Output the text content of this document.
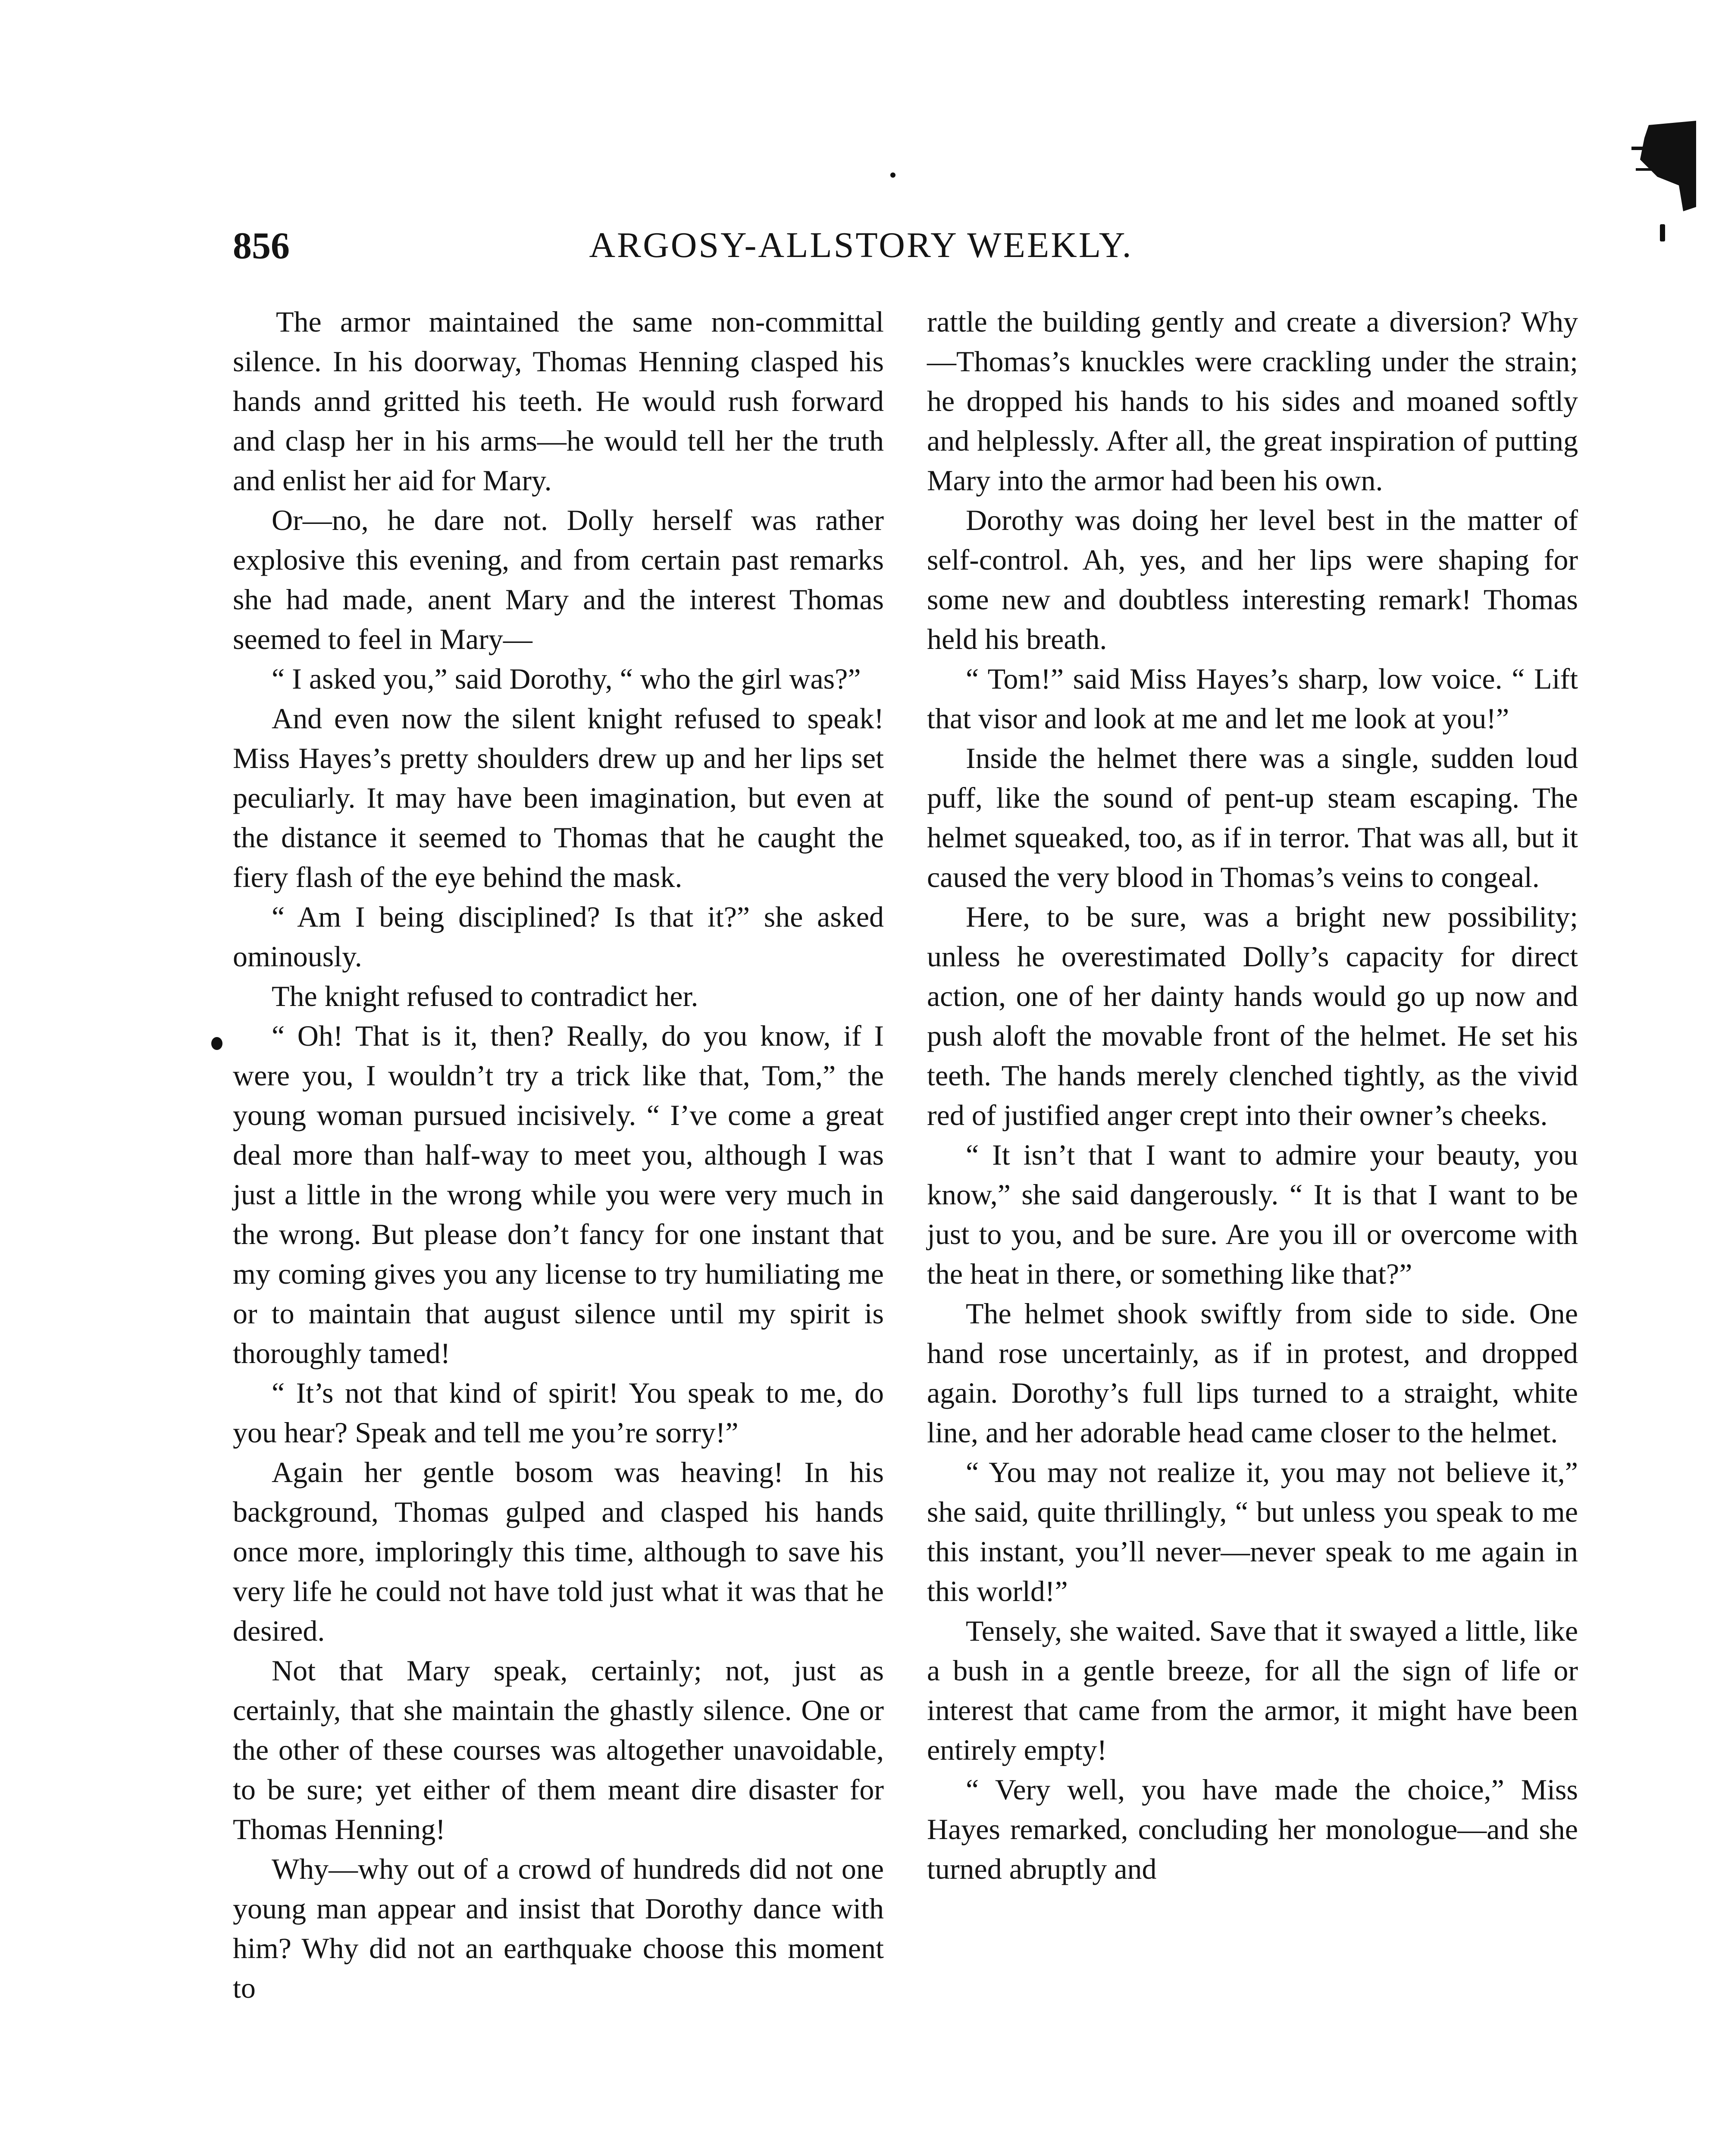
856	ARGOSY-ALLSTORY WEEKLY.

The armor maintained the same non-committal silence. In his doorway, Thomas Henning clasped his hands annd gritted his teeth. He would rush forward and clasp her in his arms—he would tell her the truth and enlist her aid for Mary.

Or—no, he dare not. Dolly herself was rather explosive this evening, and from certain past remarks she had made, anent Mary and the interest Thomas seemed to feel in Mary—

“ I asked you,” said Dorothy, “ who the girl was?”

And even now the silent knight refused to speak! Miss Hayes’s pretty shoulders drew up and her lips set peculiarly. It may have been imagination, but even at the distance it seemed to Thomas that he caught the fiery flash of the eye behind the mask.

“ Am I being disciplined? Is that it?” she asked ominously.

The knight refused to contradict her.

“ Oh! That is it, then? Really, do you know, if I were you, I wouldn’t try a trick like that, Tom,” the young woman pursued incisively. “ I’ve come a great deal more than half-way to meet you, although I was just a little in the wrong while you were very much in the wrong. But please don’t fancy for one instant that my coming gives you any license to try humiliating me or to maintain that august silence until my spirit is thoroughly tamed!

“ It’s not that kind of spirit! You speak to me, do you hear? Speak and tell me you’re sorry!”

Again her gentle bosom was heaving! In his background, Thomas gulped and clasped his hands once more, imploringly this time, although to save his very life he could not have told just what it was that he desired.

Not that Mary speak, certainly; not, just as certainly, that she maintain the ghastly silence. One or the other of these courses was altogether unavoidable, to be sure; yet either of them meant dire disaster for Thomas Henning!

Why—why out of a crowd of hundreds did not one young man appear and insist that Dorothy dance with him? Why did not an earthquake choose this moment to

rattle the building gently and create a diversion? Why—Thomas’s knuckles were crackling under the strain; he dropped his hands to his sides and moaned softly and helplessly. After all, the great inspiration of putting Mary into the armor had been his own.

Dorothy was doing her level best in the matter of self-control. Ah, yes, and her lips were shaping for some new and doubtless interesting remark! Thomas held his breath.

“ Tom!” said Miss Hayes’s sharp, low voice. “ Lift that visor and look at me and let me look at you!”

Inside the helmet there was a single, sudden loud puff, like the sound of pent-up steam escaping. The helmet squeaked, too, as if in terror. That was all, but it caused the very blood in Thomas’s veins to congeal.

Here, to be sure, was a bright new possibility; unless he overestimated Dolly’s capacity for direct action, one of her dainty hands would go up now and push aloft the movable front of the helmet. He set his teeth. The hands merely clenched tightly, as the vivid red of justified anger crept into their owner’s cheeks.

“ It isn’t that I want to admire your beauty, you know,” she said dangerously. “ It is that I want to be just to you, and be sure. Are you ill or overcome with the heat in there, or something like that?”

The helmet shook swiftly from side to side. One hand rose uncertainly, as if in protest, and dropped again. Dorothy’s full lips turned to a straight, white line, and her adorable head came closer to the helmet.

“ You may not realize it, you may not believe it,” she said, quite thrillingly, “ but unless you speak to me this instant, you’ll never—never speak to me again in this world!”

Tensely, she waited. Save that it swayed a little, like a bush in a gentle breeze, for all the sign of life or interest that came from the armor, it might have been entirely empty!

“ Very well, you have made the choice,” Miss Hayes remarked, concluding her monologue—and she turned abruptly and
